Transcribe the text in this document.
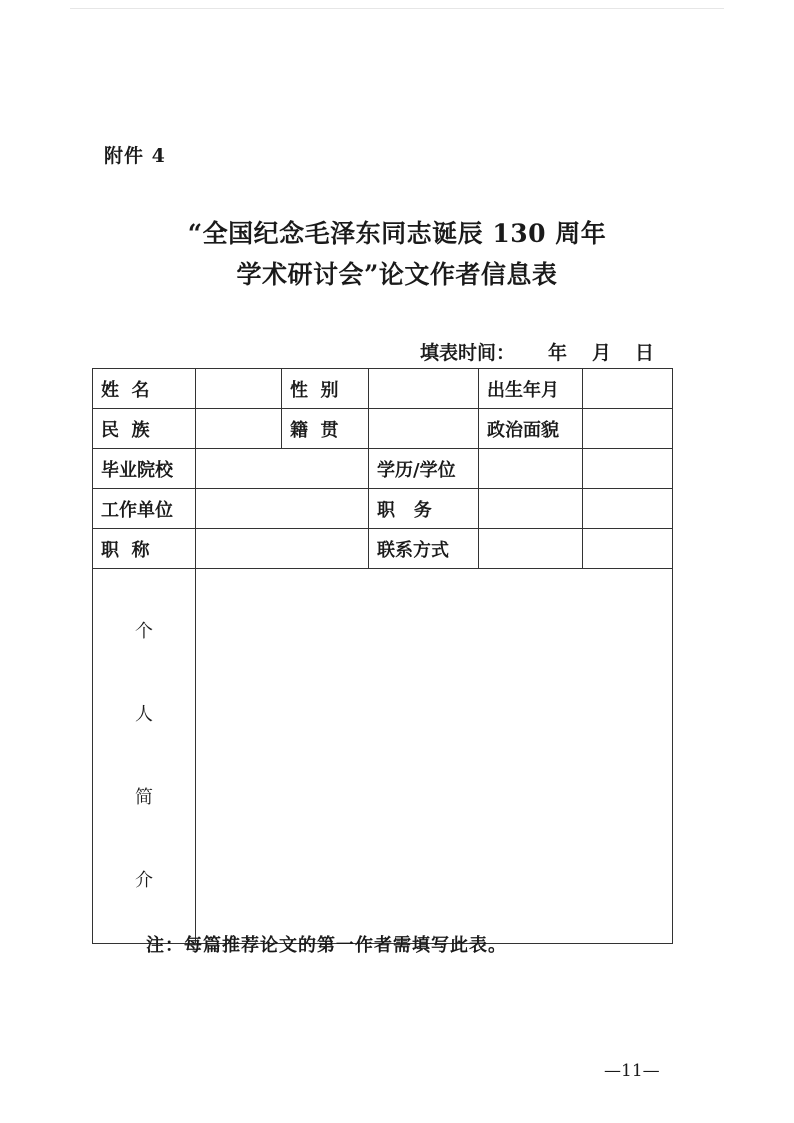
附件 4
“全国纪念毛泽东同志诞辰 130 周年
学术研讨会”论文作者信息表
填表时间：	年	月	日
姓  名		性  别		出生年月	
民  族		籍  贯		政治面貌	
毕业院校			学历/学位		
工作单位			职   务		
职  称			联系方式		

个

人

简

介					

注：每篇推荐论文的第一作者需填写此表。
—11—
